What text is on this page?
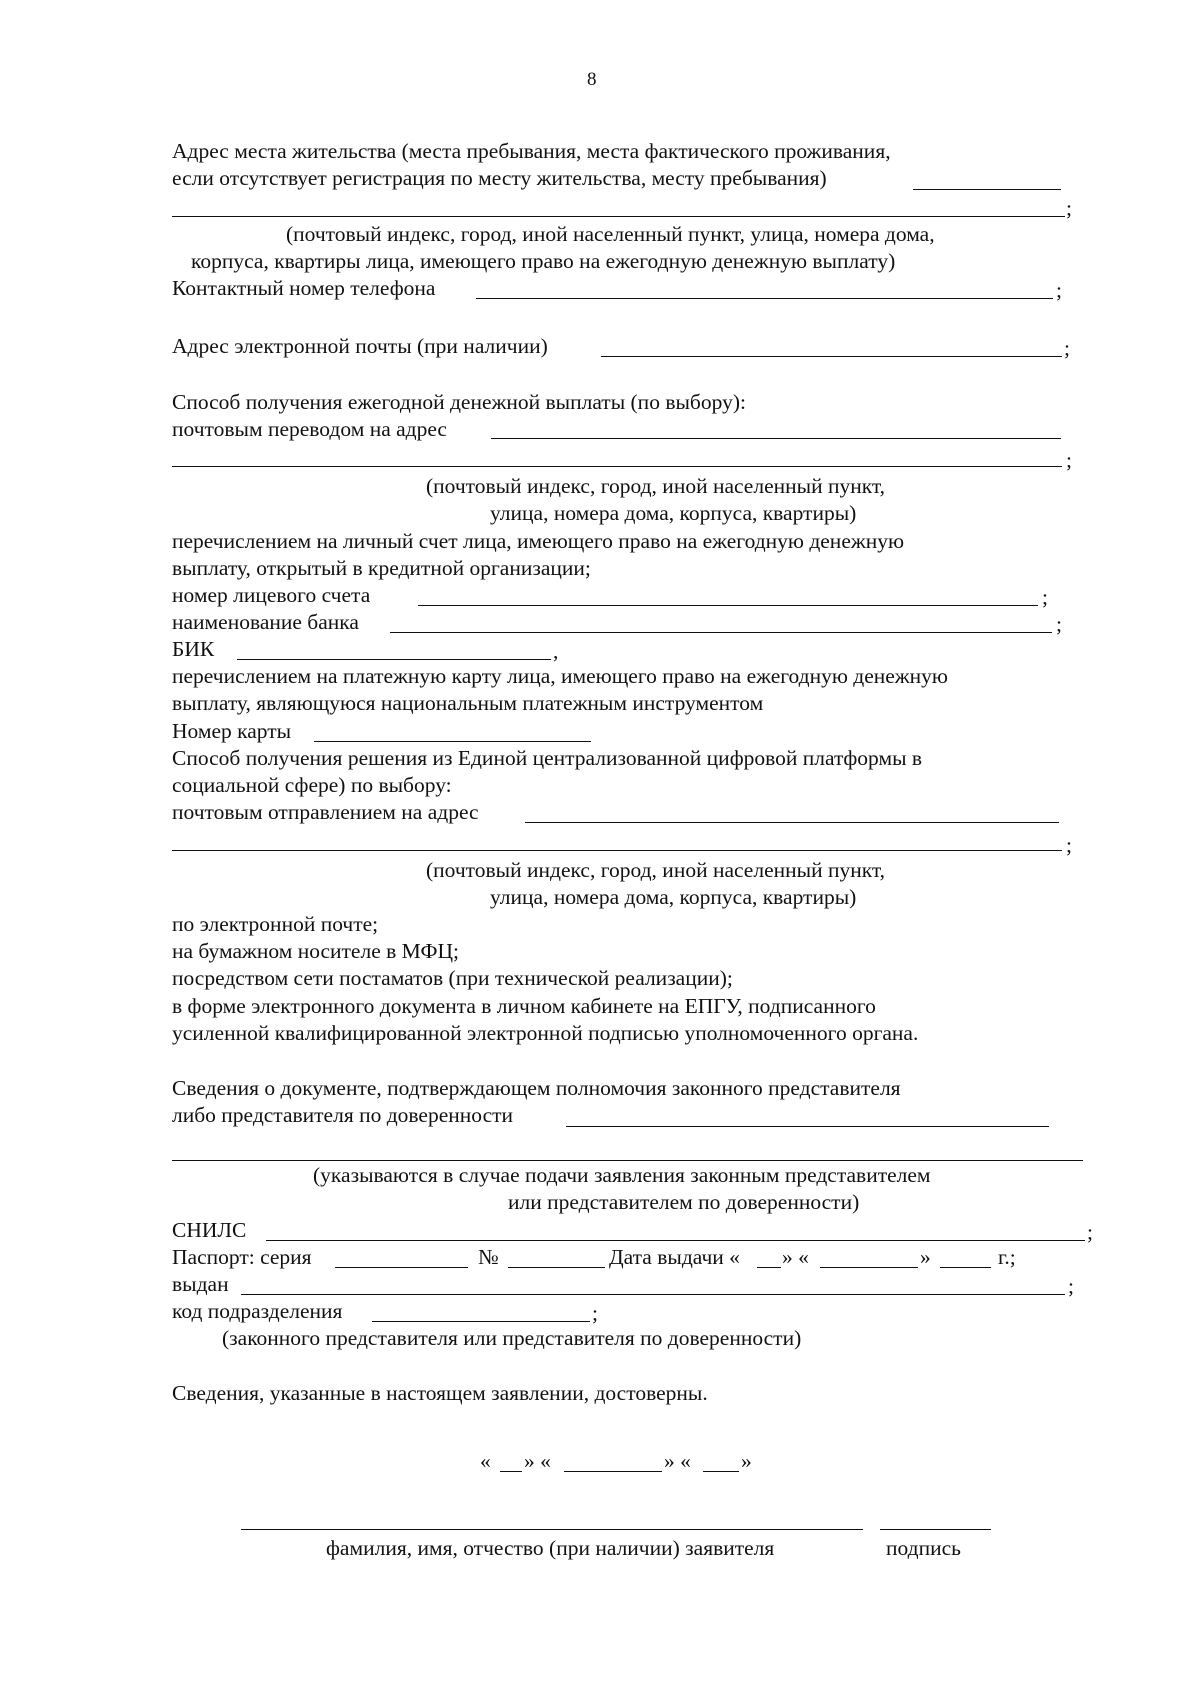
8
Адрес места жительства (места пребывания, места фактического проживания,
если отсутствует регистрация по месту жительства, месту пребывания)
;
(почтовый индекс, город, иной населенный пункт, улица, номера дома,
корпуса, квартиры лица, имеющего право на ежегодную денежную выплату)
Контактный номер телефона	;
Адрес электронной почты (при наличии)	;
Способ получения ежегодной денежной выплаты (по выбору):
почтовым переводом на адрес
;
(почтовый индекс, город, иной населенный пункт,
улица, номера дома, корпуса, квартиры)
перечислением на личный счет лица, имеющего право на ежегодную денежную
выплату, открытый в кредитной организации;
номер лицевого счета	;
наименование банка	;
БИК	,
перечислением на платежную карту лица, имеющего право на ежегодную денежную
выплату, являющуюся национальным платежным инструментом
Номер карты
Способ получения решения из Единой централизованной цифровой платформы в
социальной сфере) по выбору:
почтовым отправлением на адрес
;
(почтовый индекс, город, иной населенный пункт,
улица, номера дома, корпуса, квартиры)
по электронной почте;
на бумажном носителе в МФЦ;
посредством сети постаматов (при технической реализации);
в форме электронного документа в личном кабинете на ЕПГУ, подписанного
усиленной квалифицированной электронной подписью уполномоченного органа.
Сведения о документе, подтверждающем полномочия законного представителя
либо представителя по доверенности
(указываются в случае подачи заявления законным представителем
или представителем по доверенности)
СНИЛС	;
Паспорт: серия	№	Дата выдачи « » «	»	г.;
выдан	;
код подразделения	;
(законного представителя или представителя по доверенности)
Сведения, указанные в настоящем заявлении, достоверны.
« » «	» « »
фамилия, имя, отчество (при наличии) заявителя	подпись
